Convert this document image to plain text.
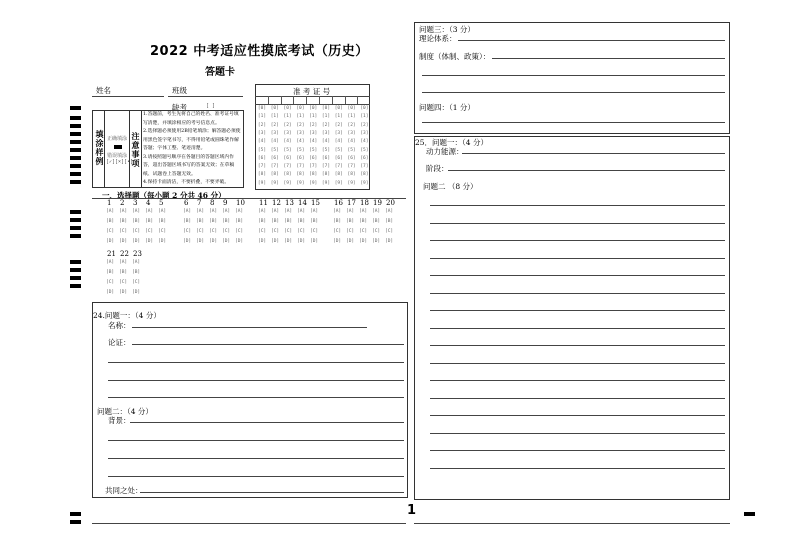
2022 中考适应性摸底考试（历史）
答题卡
姓名	班级
缺考	[ ]
填涂样例 正确填涂
错误填涂
[✓][×][•]
注意事项
1.答题前，考生先将自己的姓名、准考证号填写清楚，并填涂相应的考号信息点。
2.选择题必须使用2B铅笔填涂；解答题必须使用黑色签字笔书写，不得用铅笔或圆珠笔作解答题；字体工整、笔迹清楚。
3.请按照题号顺序在各题目的答题区域内作答，超出答题区域书写的答案无效；在草稿纸、试题卷上答题无效。
4.保持卡面清洁，不要折叠，不要弄破。
准 考 证 号
[0]
[1]
[2]
[3]
[4]
[5]
[6]
[7]
[8]
[9]
[0]
[1]
[2]
[3]
[4]
[5]
[6]
[7]
[8]
[9]
[0]
[1]
[2]
[3]
[4]
[5]
[6]
[7]
[8]
[9]
[0]
[1]
[2]
[3]
[4]
[5]
[6]
[7]
[8]
[9]
[0]
[1]
[2]
[3]
[4]
[5]
[6]
[7]
[8]
[9]
[0]
[1]
[2]
[3]
[4]
[5]
[6]
[7]
[8]
[9]
[0]
[1]
[2]
[3]
[4]
[5]
[6]
[7]
[8]
[9]
[0]
[1]
[2]
[3]
[4]
[5]
[6]
[7]
[8]
[9]
[0]
[1]
[2]
[3]
[4]
[5]
[6]
[7]
[8]
[9]
一、选择题（每小题 2 分共 46 分）
1
[A]
[B]
[C]
[D]
2
[A]
[B]
[C]
[D]
3
[A]
[B]
[C]
[D]
4
[A]
[B]
[C]
[D]
5
[A]
[B]
[C]
[D]
6
[A]
[B]
[C]
[D]
7
[A]
[B]
[C]
[D]
8
[A]
[B]
[C]
[D]
9
[A]
[B]
[C]
[D]
10
[A]
[B]
[C]
[D]
11
[A]
[B]
[C]
[D]
12
[A]
[B]
[C]
[D]
13
[A]
[B]
[C]
[D]
14
[A]
[B]
[C]
[D]
15
[A]
[B]
[C]
[D]
16
[A]
[B]
[C]
[D]
17
[A]
[B]
[C]
[D]
18
[A]
[B]
[C]
[D]
19
[A]
[B]
[C]
[D]
20
[A]
[B]
[C]
[D]
21
[A]
[B]
[C]
[D]
22
[A]
[B]
[C]
[D]
23
[A]
[B]
[C]
[D]
24.问题一：（4 分）
名称：
论证：
问题二：（4 分）
背景：
共同之处：
问题三：（3 分）
理论体系：
制度（体制、政策）：
问题四：（1 分）
25．问题一：（4 分）
动力能源：
阶段：
问题二 （8 分）
1
